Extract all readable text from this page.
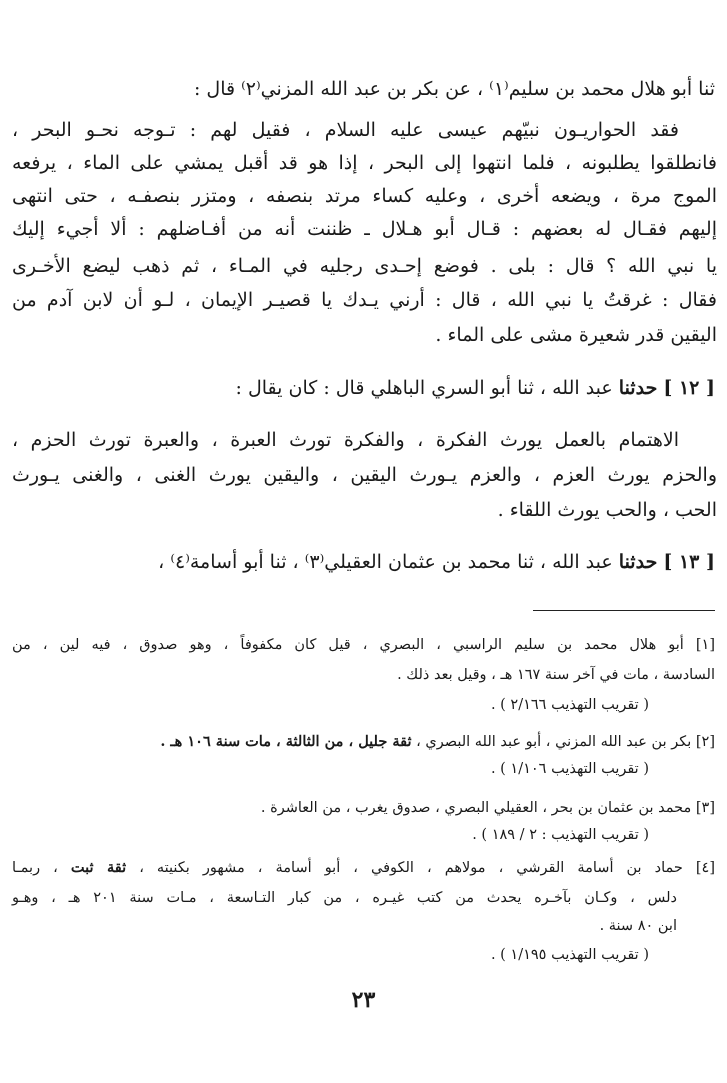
ثنا أبو هلال محمد بن سليم⁽١⁾ ، عن بكر بن عبد الله المزني⁽٢⁾ قال :
فقد الحواريـون نبيّهم عيسى عليه السلام ، فقيل لهم : تـوجه نحـو البحر ،
فانطلقوا يطلبونه ، فلما انتهوا إلى البحر ، إذا هو قد أقبل يمشي على الماء ، يرفعه
الموج مرة ، ويضعه أخرى ، وعليه كساء مرتد بنصفه ، ومتزر بنصفـه ، حتى انتهى
إليهم فقـال له بعضهم : قـال أبو هـلال ـ ظننت أنه من أفـاضلهم : ألا أجيء إليك
يا نبي الله ؟ قال : بلى . فوضع إحـدى رجليه في المـاء ، ثم ذهب ليضع الأخـرى
فقال : غرقتُ يا نبي الله ، قال : أرني يـدك يا قصيـر الإيمان ، لـو أن لابن آدم من
اليقين قدر شعيرة مشى على الماء .
[ ١٢ ] حدثنا عبد الله ، ثنا أبو السري الباهلي قال : كان يقال :
الاهتمام بالعمل يورث الفكرة ، والفكرة تورث العبرة ، والعبرة تورث الحزم ،
والحزم يورث العزم ، والعزم يـورث اليقين ، واليقين يورث الغنى ، والغنى يـورث
الحب ، والحب يورث اللقاء .
[ ١٣ ] حدثنا عبد الله ، ثنا محمد بن عثمان العقيلي⁽٣⁾ ، ثنا أبو أسامة⁽٤⁾ ،
[١] أبو هلال محمد بن سليم الراسبي ، البصري ، قيل كان مكفوفاً ، وهو صدوق ، فيه لين ، من
السادسة ، مات في آخر سنة ١٦٧ هـ ، وقيل بعد ذلك .
( تقريب التهذيب ٢/١٦٦ ) .
[٢] بكر بن عبد الله المزني ، أبو عبد الله البصري ، ثقة جليل ، من الثالثة ، مات سنة ١٠٦ هـ .
( تقريب التهذيب ١/١٠٦ ) .
[٣] محمد بن عثمان بن بحر ، العقيلي البصري ، صدوق يغرب ، من العاشرة .
( تقريب التهذيب : ٢ / ١٨٩ ) .
[٤] حماد بن أسامة القرشي ، مولاهم ، الكوفي ، أبو أسامة ، مشهور بكنيته ، ثقة ثبت ، ربمـا
دلس ، وكـان بآخـره يحدث من كتب غيـره ، من كبار التـاسعة ، مـات سنة ٢٠١ هـ ، وهـو
ابن ٨٠ سنة .
( تقريب التهذيب ١/١٩٥ ) .
٢٣
